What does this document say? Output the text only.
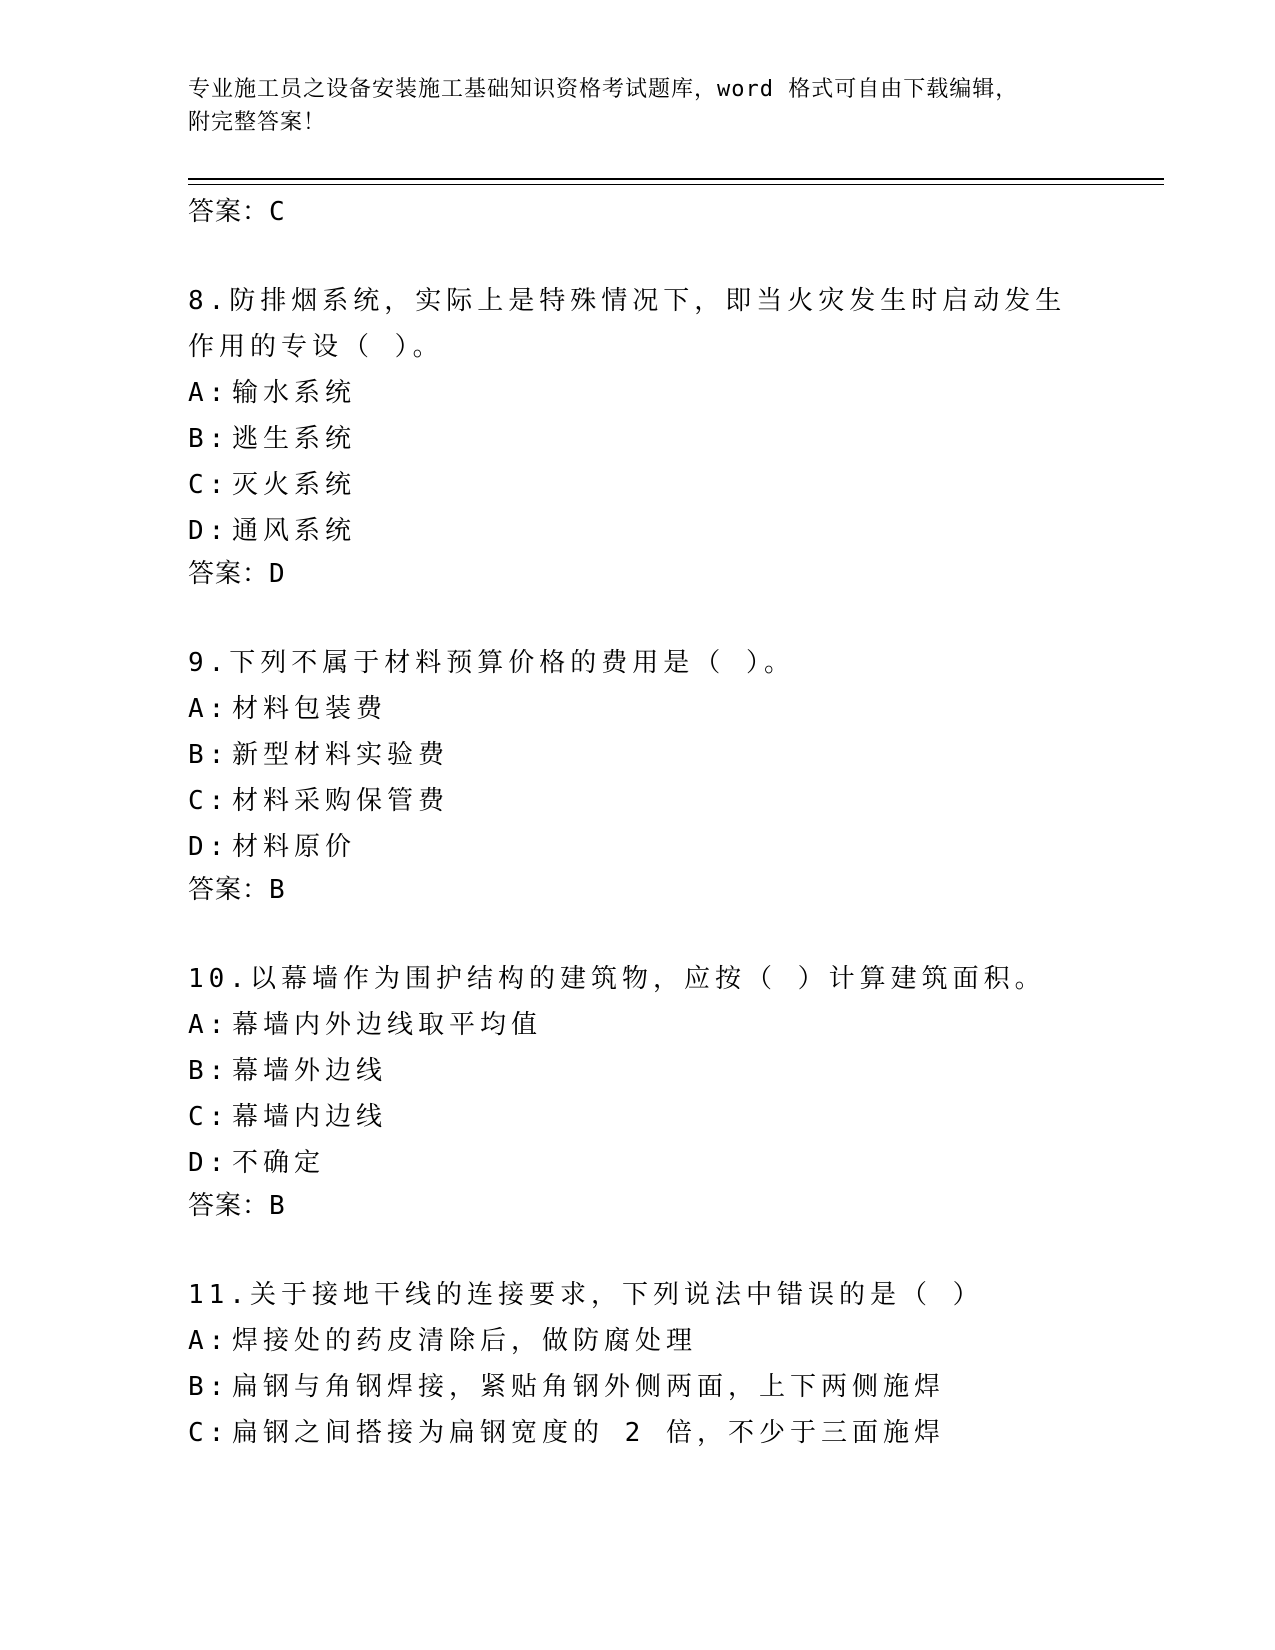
专业施工员之设备安装施工基础知识资格考试题库，word 格式可自由下载编辑，
附完整答案！
答案：C
8.防排烟系统，实际上是特殊情况下，即当火灾发生时启动发生作用的专设（ ）。
A: 输水系统
B: 逃生系统
C: 灭火系统
D: 通风系统
答案：D
9.下列不属于材料预算价格的费用是（ ）。
A: 材料包装费
B: 新型材料实验费
C: 材料采购保管费
D: 材料原价
答案：B
10.以幕墙作为围护结构的建筑物，应按（ ）计算建筑面积。
A: 幕墙内外边线取平均值
B: 幕墙外边线
C: 幕墙内边线
D: 不确定
答案：B
11.关于接地干线的连接要求，下列说法中错误的是（ ）
A: 焊接处的药皮清除后，做防腐处理
B: 扁钢与角钢焊接，紧贴角钢外侧两面，上下两侧施焊
C: 扁钢之间搭接为扁钢宽度的 2 倍，不少于三面施焊
